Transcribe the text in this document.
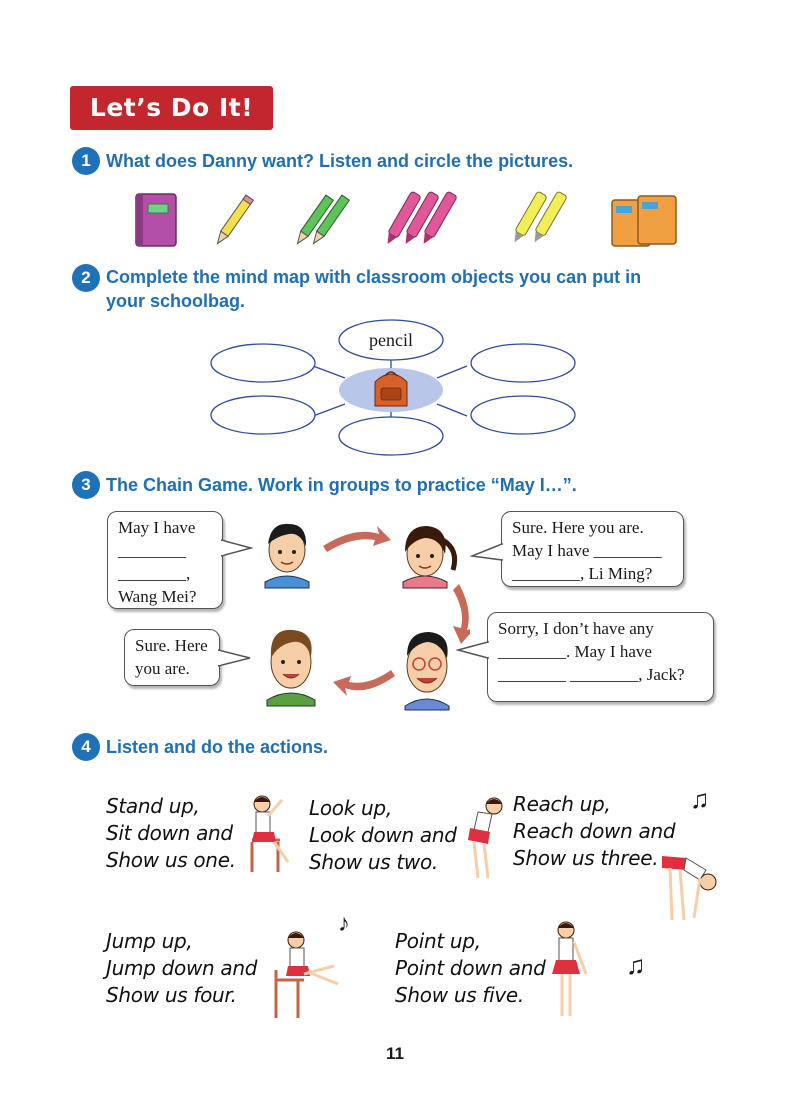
Let’s Do It!
1 What does Danny want? Listen and circle the pictures.
2 Complete the mind map with classroom objects you can put in
your schoolbag.
pencil
3 The Chain Game. Work in groups to practice “May I…”.
May I have
________
________,
Wang Mei?
Sure. Here you are.
May I have ________
________, Li Ming?
Sorry, I don’t have any
________. May I have
________ ________, Jack?
Sure. Here
you are.
4 Listen and do the actions.
Stand up,
Sit down and
Show us one.
Look up,
Look down and
Show us two.
Reach up,
Reach down and
Show us three.
Jump up,
Jump down and
Show us four.
Point up,
Point down and
Show us five.
♫
♪
♫
11
